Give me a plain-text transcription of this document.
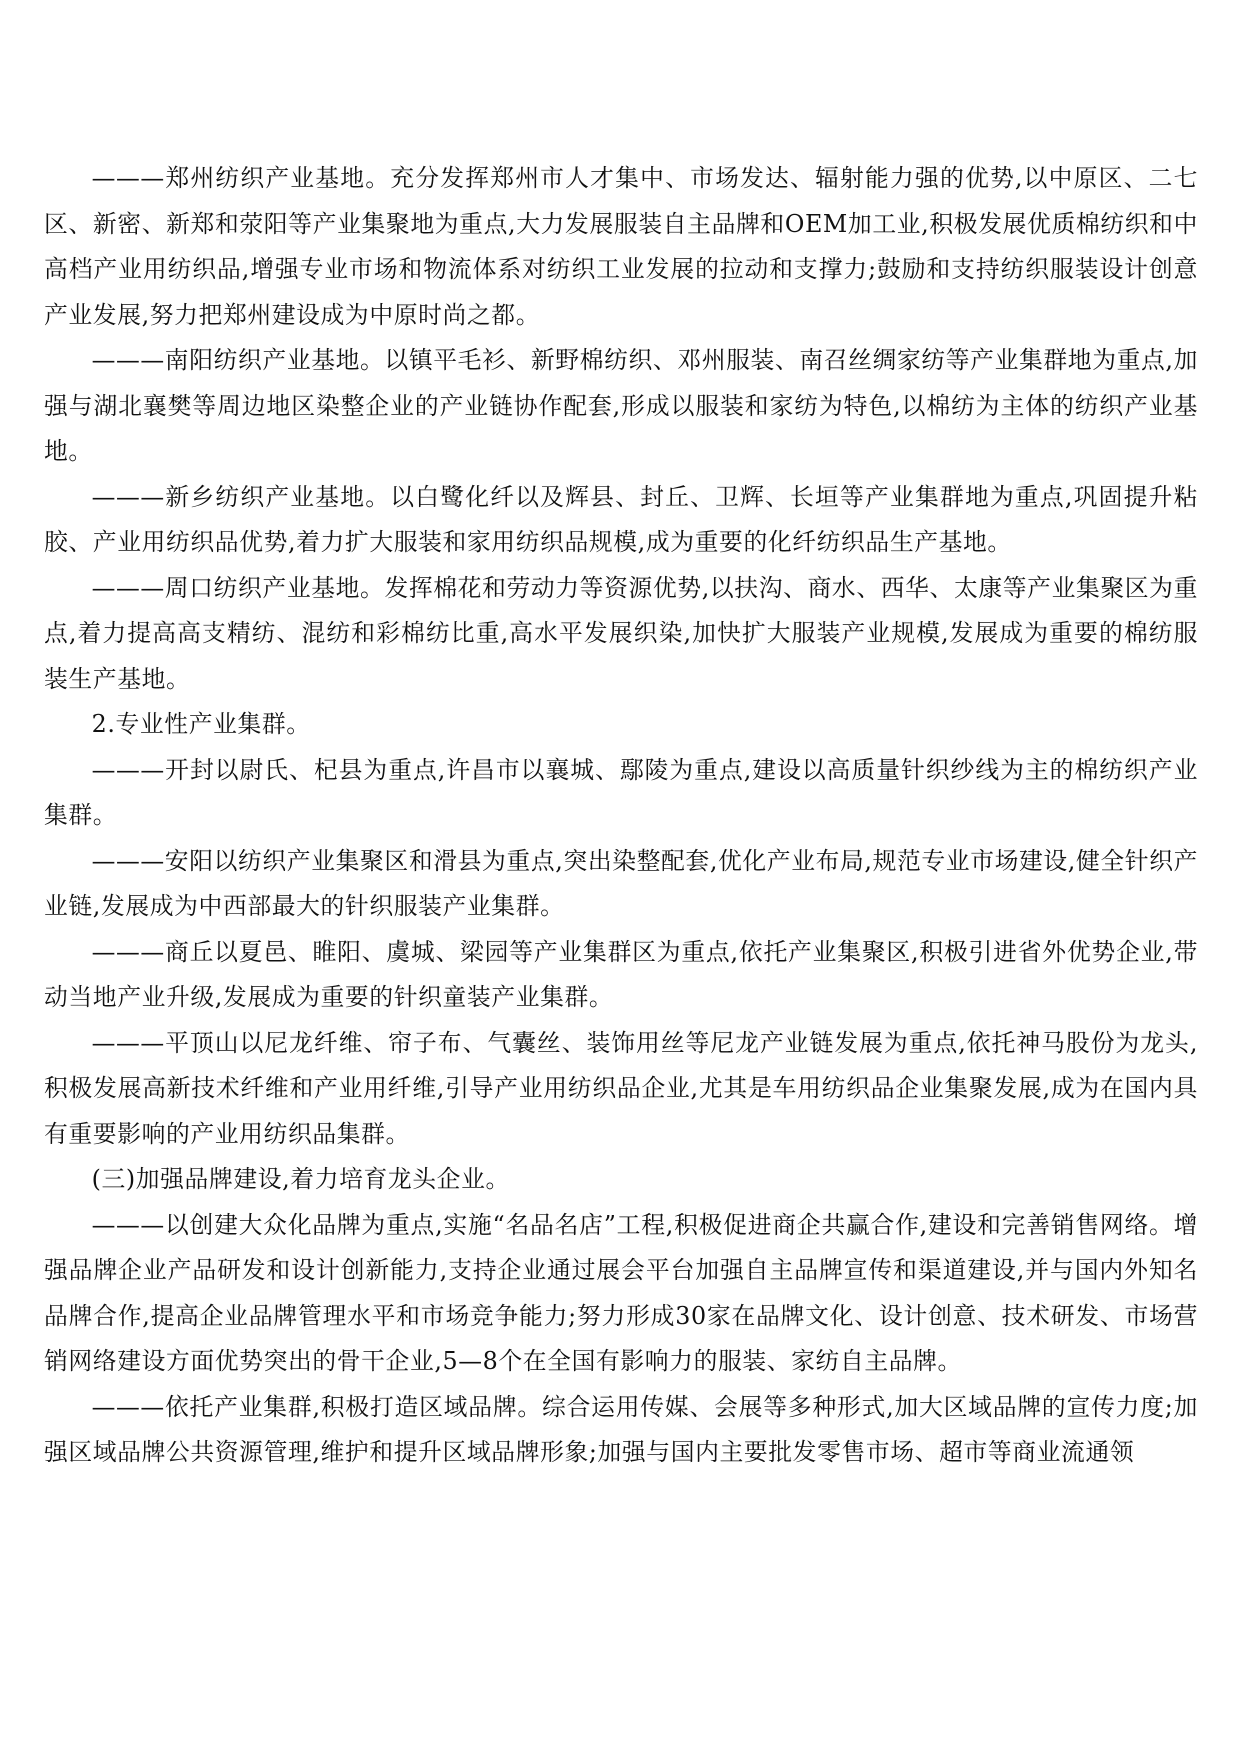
———郑州纺织产业基地。充分发挥郑州市人才集中、市场发达、辐射能力强的优势,以中原区、二七区、新密、新郑和荥阳等产业集聚地为重点,大力发展服装自主品牌和OEM加工业,积极发展优质棉纺织和中高档产业用纺织品,增强专业市场和物流体系对纺织工业发展的拉动和支撑力;鼓励和支持纺织服装设计创意产业发展,努力把郑州建设成为中原时尚之都。

———南阳纺织产业基地。以镇平毛衫、新野棉纺织、邓州服装、南召丝绸家纺等产业集群地为重点,加强与湖北襄樊等周边地区染整企业的产业链协作配套,形成以服装和家纺为特色,以棉纺为主体的纺织产业基地。

———新乡纺织产业基地。以白鹭化纤以及辉县、封丘、卫辉、长垣等产业集群地为重点,巩固提升粘胶、产业用纺织品优势,着力扩大服装和家用纺织品规模,成为重要的化纤纺织品生产基地。

———周口纺织产业基地。发挥棉花和劳动力等资源优势,以扶沟、商水、西华、太康等产业集聚区为重点,着力提高高支精纺、混纺和彩棉纺比重,高水平发展织染,加快扩大服装产业规模,发展成为重要的棉纺服装生产基地。

2.专业性产业集群。

———开封以尉氏、杞县为重点,许昌市以襄城、鄢陵为重点,建设以高质量针织纱线为主的棉纺织产业集群。

———安阳以纺织产业集聚区和滑县为重点,突出染整配套,优化产业布局,规范专业市场建设,健全针织产业链,发展成为中西部最大的针织服装产业集群。

———商丘以夏邑、睢阳、虞城、梁园等产业集群区为重点,依托产业集聚区,积极引进省外优势企业,带动当地产业升级,发展成为重要的针织童装产业集群。

———平顶山以尼龙纤维、帘子布、气囊丝、装饰用丝等尼龙产业链发展为重点,依托神马股份为龙头,积极发展高新技术纤维和产业用纤维,引导产业用纺织品企业,尤其是车用纺织品企业集聚发展,成为在国内具有重要影响的产业用纺织品集群。

(三)加强品牌建设,着力培育龙头企业。

———以创建大众化品牌为重点,实施“名品名店”工程,积极促进商企共赢合作,建设和完善销售网络。增强品牌企业产品研发和设计创新能力,支持企业通过展会平台加强自主品牌宣传和渠道建设,并与国内外知名品牌合作,提高企业品牌管理水平和市场竞争能力;努力形成30家在品牌文化、设计创意、技术研发、市场营销网络建设方面优势突出的骨干企业,5—8个在全国有影响力的服装、家纺自主品牌。

———依托产业集群,积极打造区域品牌。综合运用传媒、会展等多种形式,加大区域品牌的宣传力度;加强区域品牌公共资源管理,维护和提升区域品牌形象;加强与国内主要批发零售市场、超市等商业流通领
